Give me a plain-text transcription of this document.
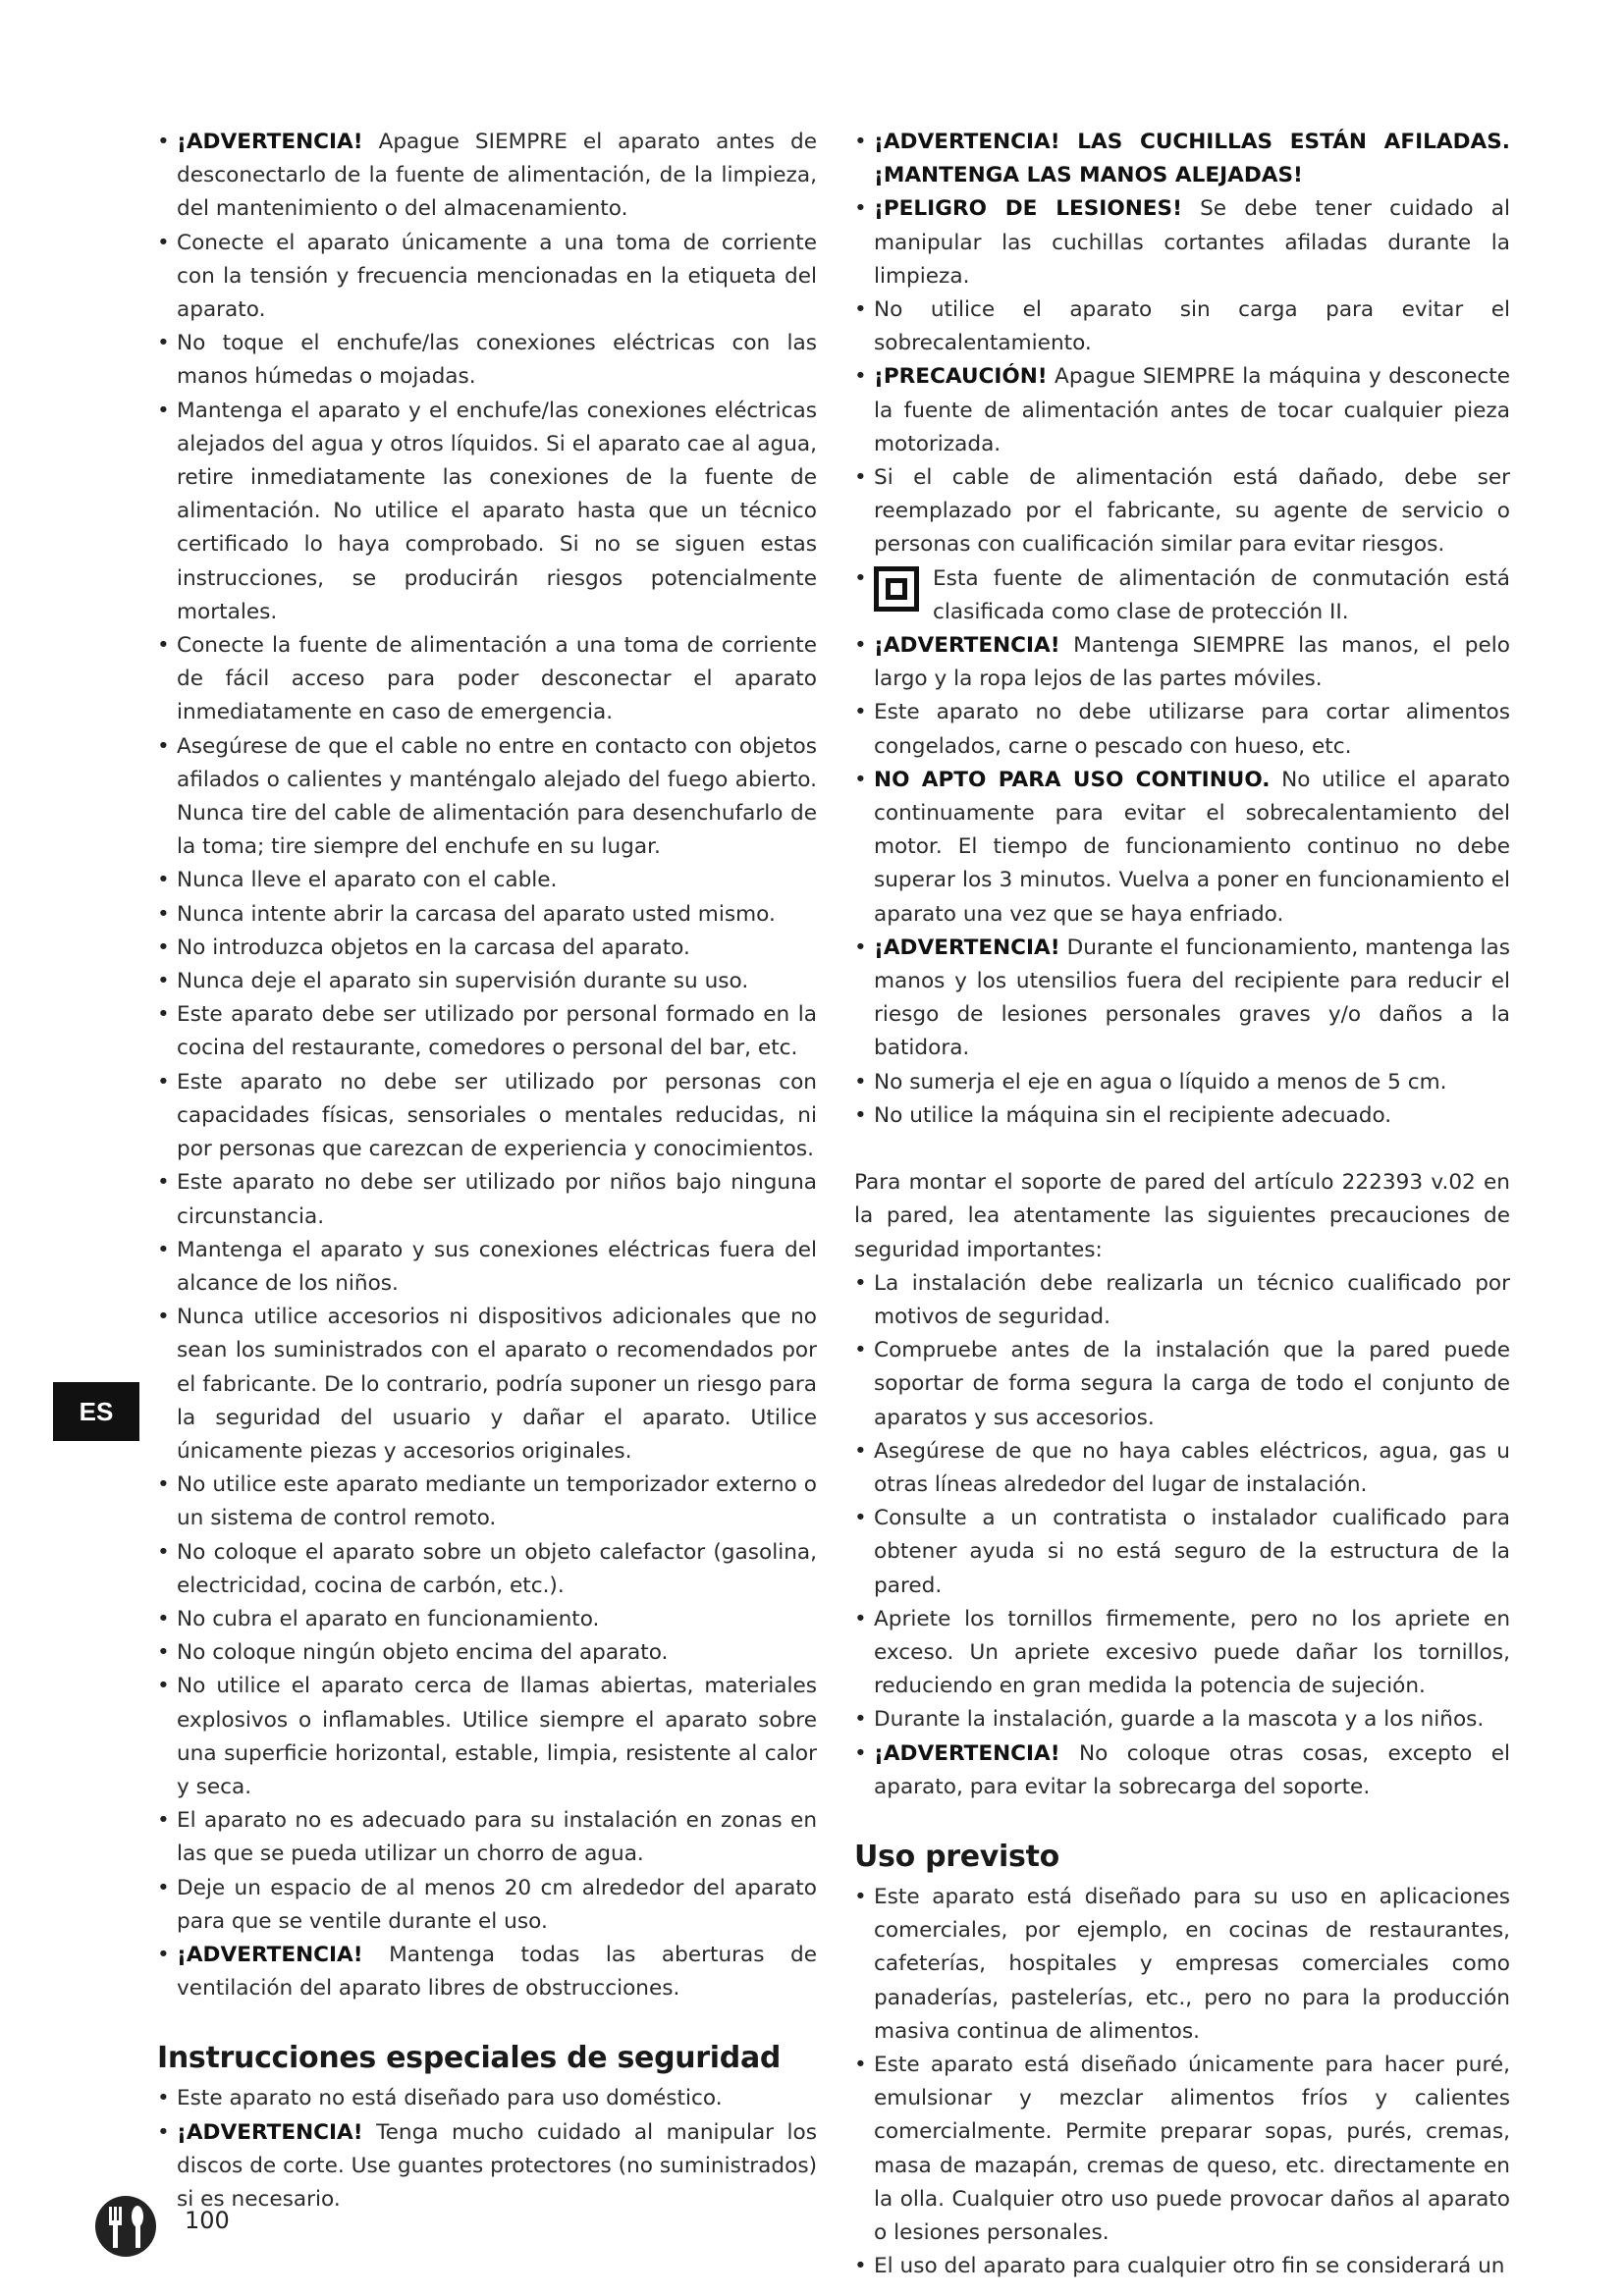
• ¡ADVERTENCIA! Apague SIEMPRE el aparato antes de desconectarlo de la fuente de alimentación, de la limpieza, del mantenimiento o del almacenamiento.
• Conecte el aparato únicamente a una toma de corriente con la tensión y frecuencia mencionadas en la etiqueta del aparato.
• No toque el enchufe/las conexiones eléctricas con las manos húmedas o mojadas.
• Mantenga el aparato y el enchufe/las conexiones eléctricas alejados del agua y otros líquidos. Si el aparato cae al agua, retire inmediatamente las conexiones de la fuente de alimentación. No utilice el aparato hasta que un técnico certificado lo haya comprobado. Si no se siguen estas instrucciones, se producirán riesgos potencialmente mortales.
• Conecte la fuente de alimentación a una toma de corriente de fácil acceso para poder desconectar el aparato inmediatamente en caso de emergencia.
• Asegúrese de que el cable no entre en contacto con objetos afilados o calientes y manténgalo alejado del fuego abierto. Nunca tire del cable de alimentación para desenchufarlo de la toma; tire siempre del enchufe en su lugar.
• Nunca lleve el aparato con el cable.
• Nunca intente abrir la carcasa del aparato usted mismo.
• No introduzca objetos en la carcasa del aparato.
• Nunca deje el aparato sin supervisión durante su uso.
• Este aparato debe ser utilizado por personal formado en la cocina del restaurante, comedores o personal del bar, etc.
• Este aparato no debe ser utilizado por personas con capacidades físicas, sensoriales o mentales reducidas, ni por personas que carezcan de experiencia y conocimientos.
• Este aparato no debe ser utilizado por niños bajo ninguna circunstancia.
• Mantenga el aparato y sus conexiones eléctricas fuera del alcance de los niños.
• Nunca utilice accesorios ni dispositivos adicionales que no sean los suministrados con el aparato o recomendados por el fabricante. De lo contrario, podría suponer un riesgo para la seguridad del usuario y dañar el aparato. Utilice únicamente piezas y accesorios originales.
• No utilice este aparato mediante un temporizador externo o un sistema de control remoto.
• No coloque el aparato sobre un objeto calefactor (gasolina, electricidad, cocina de carbón, etc.).
• No cubra el aparato en funcionamiento.
• No coloque ningún objeto encima del aparato.
• No utilice el aparato cerca de llamas abiertas, materiales explosivos o inflamables. Utilice siempre el aparato sobre una superficie horizontal, estable, limpia, resistente al calor y seca.
• El aparato no es adecuado para su instalación en zonas en las que se pueda utilizar un chorro de agua.
• Deje un espacio de al menos 20 cm alrededor del aparato para que se ventile durante el uso.
• ¡ADVERTENCIA! Mantenga todas las aberturas de ventilación del aparato libres de obstrucciones.
Instrucciones especiales de seguridad
• Este aparato no está diseñado para uso doméstico.
• ¡ADVERTENCIA! Tenga mucho cuidado al manipular los discos de corte. Use guantes protectores (no suministrados) si es necesario.
• ¡ADVERTENCIA! LAS CUCHILLAS ESTÁN AFILADAS. ¡MANTENGA LAS MANOS ALEJADAS!
• ¡PELIGRO DE LESIONES! Se debe tener cuidado al manipular las cuchillas cortantes afiladas durante la limpieza.
• No utilice el aparato sin carga para evitar el sobrecalentamiento.
• ¡PRECAUCIÓN! Apague SIEMPRE la máquina y desconecte la fuente de alimentación antes de tocar cualquier pieza motorizada.
• Si el cable de alimentación está dañado, debe ser reemplazado por el fabricante, su agente de servicio o personas con cualificación similar para evitar riesgos.
• Esta fuente de alimentación de conmutación está clasificada como clase de protección II.
• ¡ADVERTENCIA! Mantenga SIEMPRE las manos, el pelo largo y la ropa lejos de las partes móviles.
• Este aparato no debe utilizarse para cortar alimentos congelados, carne o pescado con hueso, etc.
• NO APTO PARA USO CONTINUO. No utilice el aparato continuamente para evitar el sobrecalentamiento del motor. El tiempo de funcionamiento continuo no debe superar los 3 minutos. Vuelva a poner en funcionamiento el aparato una vez que se haya enfriado.
• ¡ADVERTENCIA! Durante el funcionamiento, mantenga las manos y los utensilios fuera del recipiente para reducir el riesgo de lesiones personales graves y/o daños a la batidora.
• No sumerja el eje en agua o líquido a menos de 5 cm.
• No utilice la máquina sin el recipiente adecuado.

Para montar el soporte de pared del artículo 222393 v.02 en la pared, lea atentamente las siguientes precauciones de seguridad importantes:

• La instalación debe realizarla un técnico cualificado por motivos de seguridad.
• Compruebe antes de la instalación que la pared puede soportar de forma segura la carga de todo el conjunto de aparatos y sus accesorios.
• Asegúrese de que no haya cables eléctricos, agua, gas u otras líneas alrededor del lugar de instalación.
• Consulte a un contratista o instalador cualificado para obtener ayuda si no está seguro de la estructura de la pared.
• Apriete los tornillos firmemente, pero no los apriete en exceso. Un apriete excesivo puede dañar los tornillos, reduciendo en gran medida la potencia de sujeción.
• Durante la instalación, guarde a la mascota y a los niños.
• ¡ADVERTENCIA! No coloque otras cosas, excepto el aparato, para evitar la sobrecarga del soporte.
Uso previsto
• Este aparato está diseñado para su uso en aplicaciones comerciales, por ejemplo, en cocinas de restaurantes, cafeterías, hospitales y empresas comerciales como panaderías, pastelerías, etc., pero no para la producción masiva continua de alimentos.
• Este aparato está diseñado únicamente para hacer puré, emulsionar y mezclar alimentos fríos y calientes comercialmente. Permite preparar sopas, purés, cremas, masa de mazapán, cremas de queso, etc. directamente en la olla. Cualquier otro uso puede provocar daños al aparato o lesiones personales.
• El uso del aparato para cualquier otro fin se considerará un
ES
100
